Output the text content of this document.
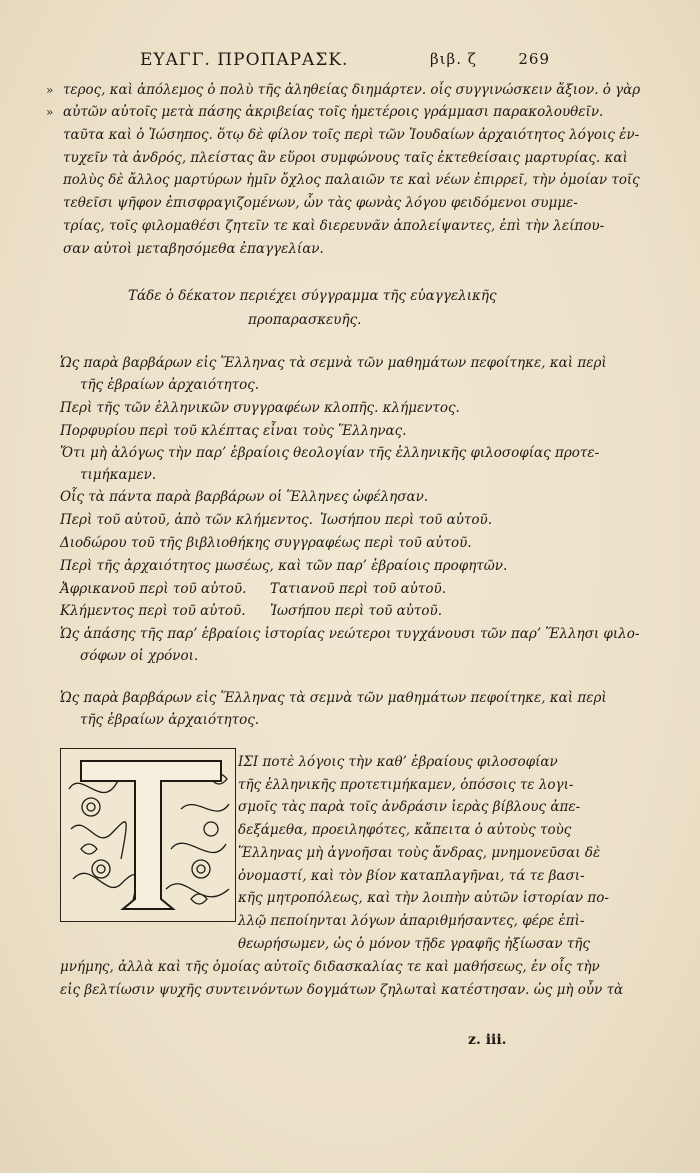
ΕΥΑΓΓ. ΠΡΟΠΑΡΑΣΚ.	βιβ. ζ	269
»
»
τερος, καὶ ἀπόλεμος ὁ πολὺ τῆς ἀληθείας διημάρτεν. οἷς συγγινώσκειν ἄξιον. ὁ γὰρ
αὐτῶν αὐτοῖς μετὰ πάσης ἀκριβείας τοῖς ἡμετέροις γράμμασι παρακολουθεῖν.
ταῦτα καὶ ὁ Ἰώσηπος. ὅτῳ δὲ φίλον τοῖς περὶ τῶν Ἰουδαίων ἀρχαιότητος λόγοις ἐν-
τυχεῖν τὰ ἀνδρός, πλείστας ἂν εὕροι συμφώνους ταῖς ἐκτεθείσαις μαρτυρίας. καὶ
πολὺς δὲ ἄλλος μαρτύρων ἡμῖν ὄχλος παλαιῶν τε καὶ νέων ἐπιρρεῖ, τὴν ὁμοίαν τοῖς
τεθεῖσι ψῆφον ἐπισφραγιζομένων, ὧν τὰς φωνὰς λόγου φειδόμενοι συμμε-
τρίας, τοῖς φιλομαθέσι ζητεῖν τε καὶ διερευνᾶν ἀπολείψαντες, ἐπὶ τὴν λείπου-
σαν αὐτοὶ μεταβησόμεθα ἐπαγγελίαν.
Τάδε ὁ δέκατον περιέχει σύγγραμμα τῆς εὐαγγελικῆς
προπαρασκευῆς.
Ὡς παρὰ βαρβάρων εἰς Ἕλληνας τὰ σεμνὰ τῶν μαθημάτων πεφοίτηκε, καὶ περὶ
τῆς ἑβραίων ἀρχαιότητος.
Περὶ τῆς τῶν ἑλληνικῶν συγγραφέων κλοπῆς. κλήμεντος.
Πορφυρίου περὶ τοῦ κλέπτας εἶναι τοὺς Ἕλληνας.
Ὅτι μὴ ἀλόγως τὴν παρ’ ἑβραίοις θεολογίαν τῆς ἑλληνικῆς φιλοσοφίας προτε-
τιμήκαμεν.
Οἷς τὰ πάντα παρὰ βαρβάρων οἱ Ἕλληνες ὠφέλησαν.
Περὶ τοῦ αὐτοῦ, ἀπὸ τῶν κλήμεντος. Ἰωσήπου περὶ τοῦ αὐτοῦ.
Διοδώρου τοῦ τῆς βιβλιοθήκης συγγραφέως περὶ τοῦ αὐτοῦ.
Περὶ τῆς ἀρχαιότητος μωσέως, καὶ τῶν παρ’ ἑβραίοις προφητῶν.
Ἀφρικανοῦ περὶ τοῦ αὐτοῦ. Τατιανοῦ περὶ τοῦ αὐτοῦ.
Κλήμεντος περὶ τοῦ αὐτοῦ. Ἰωσήπου περὶ τοῦ αὐτοῦ.
Ὡς ἁπάσης τῆς παρ’ ἑβραίοις ἱστορίας νεώτεροι τυγχάνουσι τῶν παρ’ Ἕλλησι φιλο-
σόφων οἱ χρόνοι.
Ὡς παρὰ βαρβάρων εἰς Ἕλληνας τὰ σεμνὰ τῶν μαθημάτων πεφοίτηκε, καὶ περὶ
τῆς ἑβραίων ἀρχαιότητος.
ΙΣΙ ποτὲ λόγοις τὴν καθ’ ἑβραίους φιλοσοφίαν
τῆς ἑλληνικῆς προτετιμήκαμεν, ὁπόσοις τε λογι-
σμοῖς τὰς παρὰ τοῖς ἀνδράσιν ἱερὰς βίβλους ἀπε-
δεξάμεθα, προειληφότες, κἄπειτα ὁ αὐτοὺς τοὺς
Ἕλληνας μὴ ἀγνοῆσαι τοὺς ἄνδρας, μνημονεῦσαι δὲ
ὀνομαστί, καὶ τὸν βίον καταπλαγῆναι, τά τε βασι-
κῆς μητροπόλεως, καὶ τὴν λοιπὴν αὐτῶν ἱστορίαν πο-
λλῷ πεποίηνται λόγων ἀπαριθμήσαντες, φέρε ἐπὶ-
θεωρήσωμεν, ὡς ὁ μόνον τῇδε γραφῆς ἠξίωσαν τῆς
μνήμης, ἀλλὰ καὶ τῆς ὁμοίας αὐτοῖς διδασκαλίας τε καὶ μαθήσεως, ἐν οἷς τὴν
εἰς βελτίωσιν ψυχῆς συντεινόντων δογμάτων ζηλωταὶ κατέστησαν. ὡς μὴ οὖν τὰ
z. iii.
